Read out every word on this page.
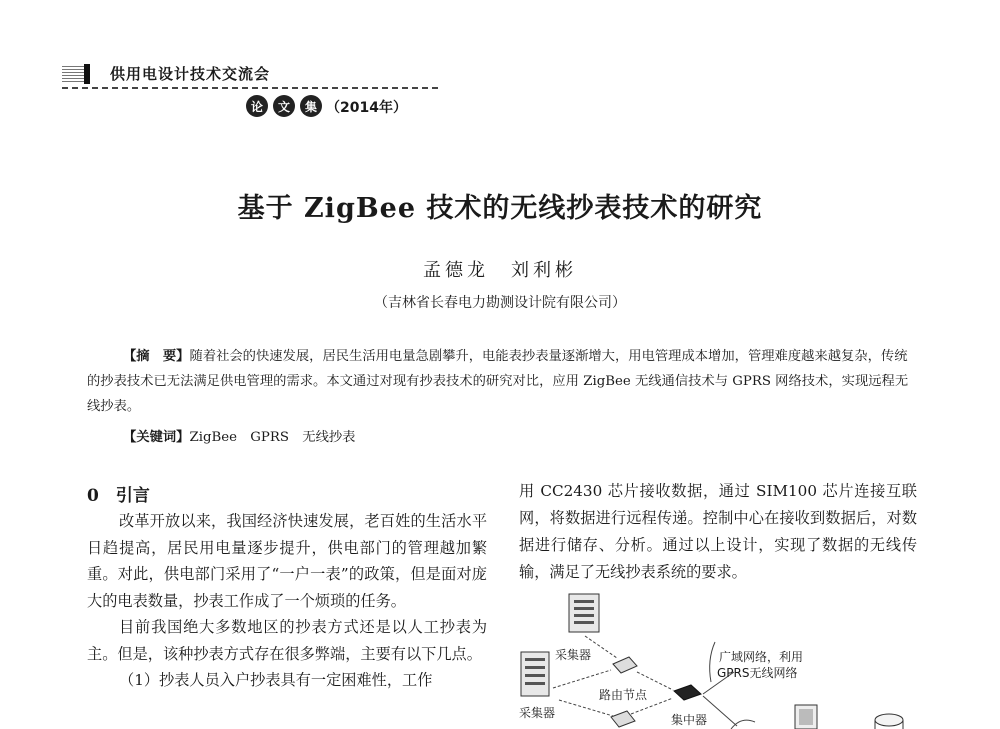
供用电设计技术交流会
论	文	集 （2014年）
基于 ZigBee 技术的无线抄表技术的研究
孟德龙　刘利彬
（吉林省长春电力勘测设计院有限公司）
【摘　要】随着社会的快速发展，居民生活用电量急剧攀升，电能表抄表量逐渐增大，用电管理成本增加，管理难度越来越复杂，传统的抄表技术已无法满足供电管理的需求。本文通过对现有抄表技术的研究对比，应用 ZigBee 无线通信技术与 GPRS 网络技术，实现远程无线抄表。
【关键词】ZigBee　GPRS　无线抄表
0　引言

改革开放以来，我国经济快速发展，老百姓的生活水平日趋提高，居民用电量逐步提升，供电部门的管理越加繁重。对此，供电部门采用了“一户一表”的政策，但是面对庞大的电表数量，抄表工作成了一个烦琐的任务。

目前我国绝大多数地区的抄表方式还是以人工抄表为主。但是，该种抄表方式存在很多弊端，主要有以下几点。

（1）抄表人员入户抄表具有一定困难性，工作

用 CC2430 芯片接收数据，通过 SIM100 芯片连接互联网，将数据进行远程传递。控制中心在接收到数据后，对数据进行储存、分析。通过以上设计，实现了数据的无线传输，满足了无线抄表系统的要求。

采集器
采集器
路由节点
集中器
广域网络，利用
GPRS无线网络
